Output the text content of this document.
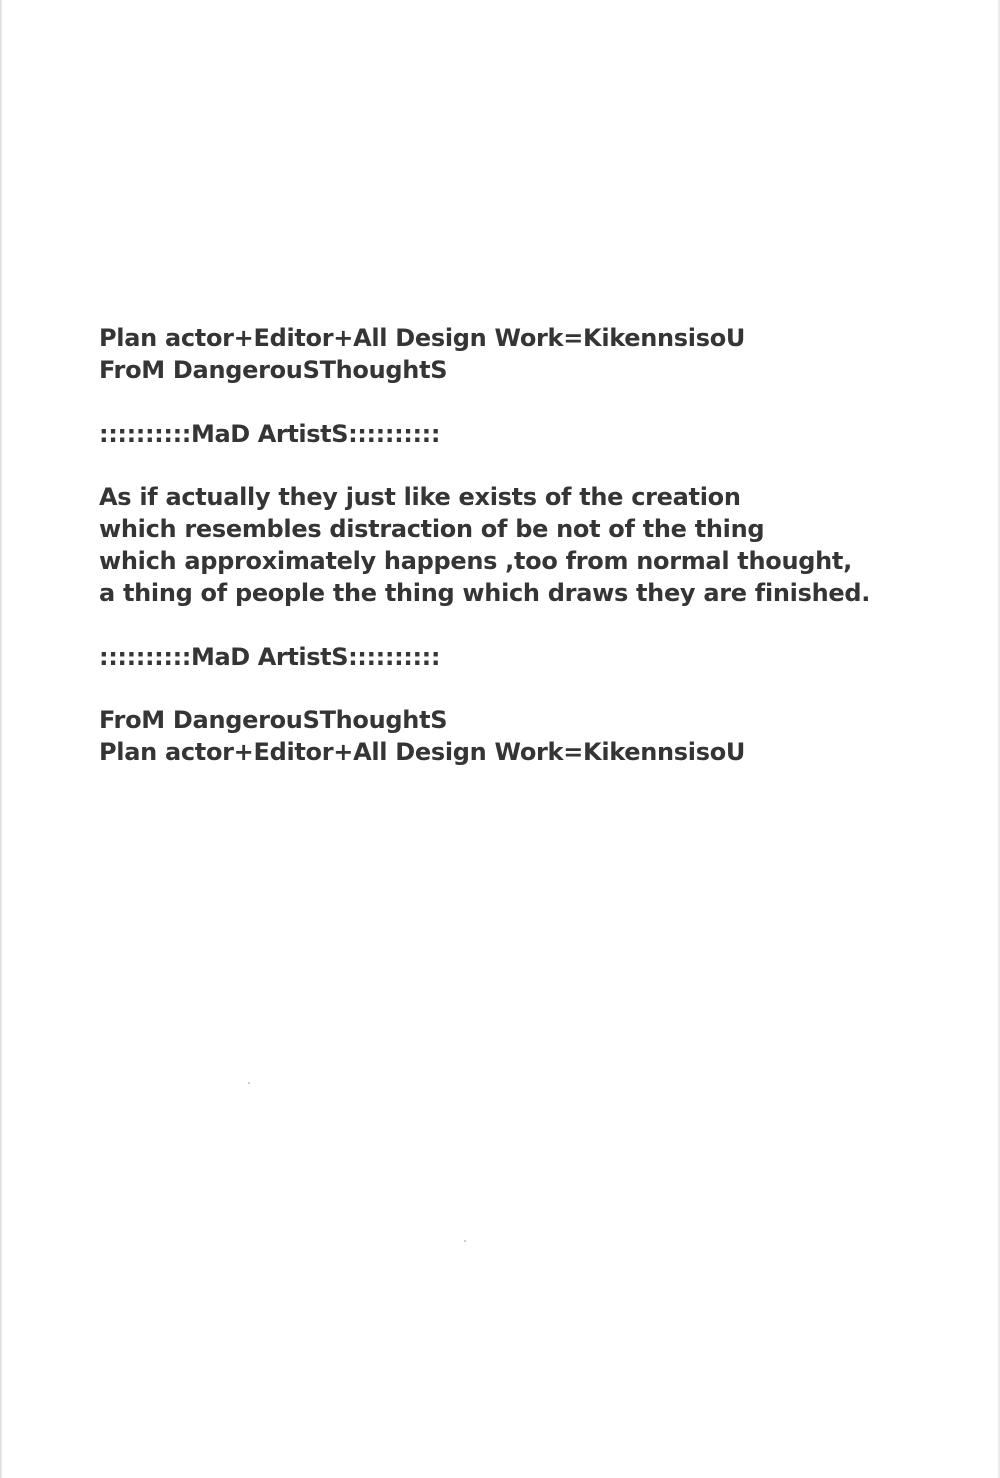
Plan actor+Editor+All Design Work=KikennsisoU
FroM DangerouSThoughtS
::::::::::MaD ArtistS::::::::::
As if actually they just like exists of the creation
which resembles distraction of be not of the thing
which approximately happens ,too from normal thought,
a thing of people the thing which draws they are finished.
::::::::::MaD ArtistS::::::::::
FroM DangerouSThoughtS
Plan actor+Editor+All Design Work=KikennsisoU
